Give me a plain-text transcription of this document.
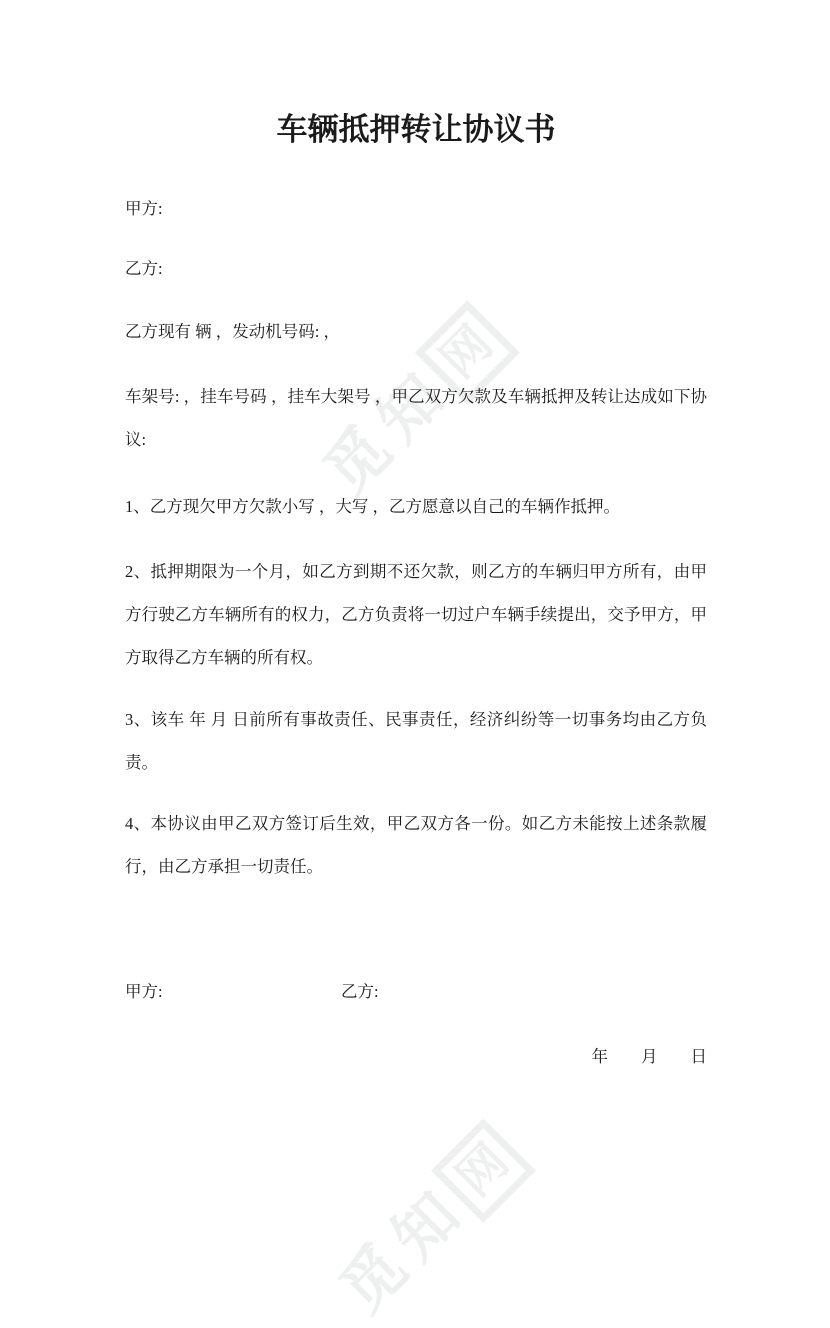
觅知
网
觅知
网
车辆抵押转让协议书

甲方:

乙方:

乙方现有 辆 ，发动机号码: ，

车架号: ，挂车号码 ，挂车大架号 ，甲乙双方欠款及车辆抵押及转让达成如下协议:

1、乙方现欠甲方欠款小写 ，大写 ，乙方愿意以自己的车辆作抵押。

2、抵押期限为一个月，如乙方到期不还欠款，则乙方的车辆归甲方所有，由甲方行驶乙方车辆所有的权力，乙方负责将一切过户车辆手续提出，交予甲方，甲方取得乙方车辆的所有权。

3、该车 年 月 日前所有事故责任、民事责任，经济纠纷等一切事务均由乙方负责。

4、本协议由甲乙双方签订后生效，甲乙双方各一份。如乙方未能按上述条款履行，由乙方承担一切责任。

甲方:	乙方:

年 月 日
